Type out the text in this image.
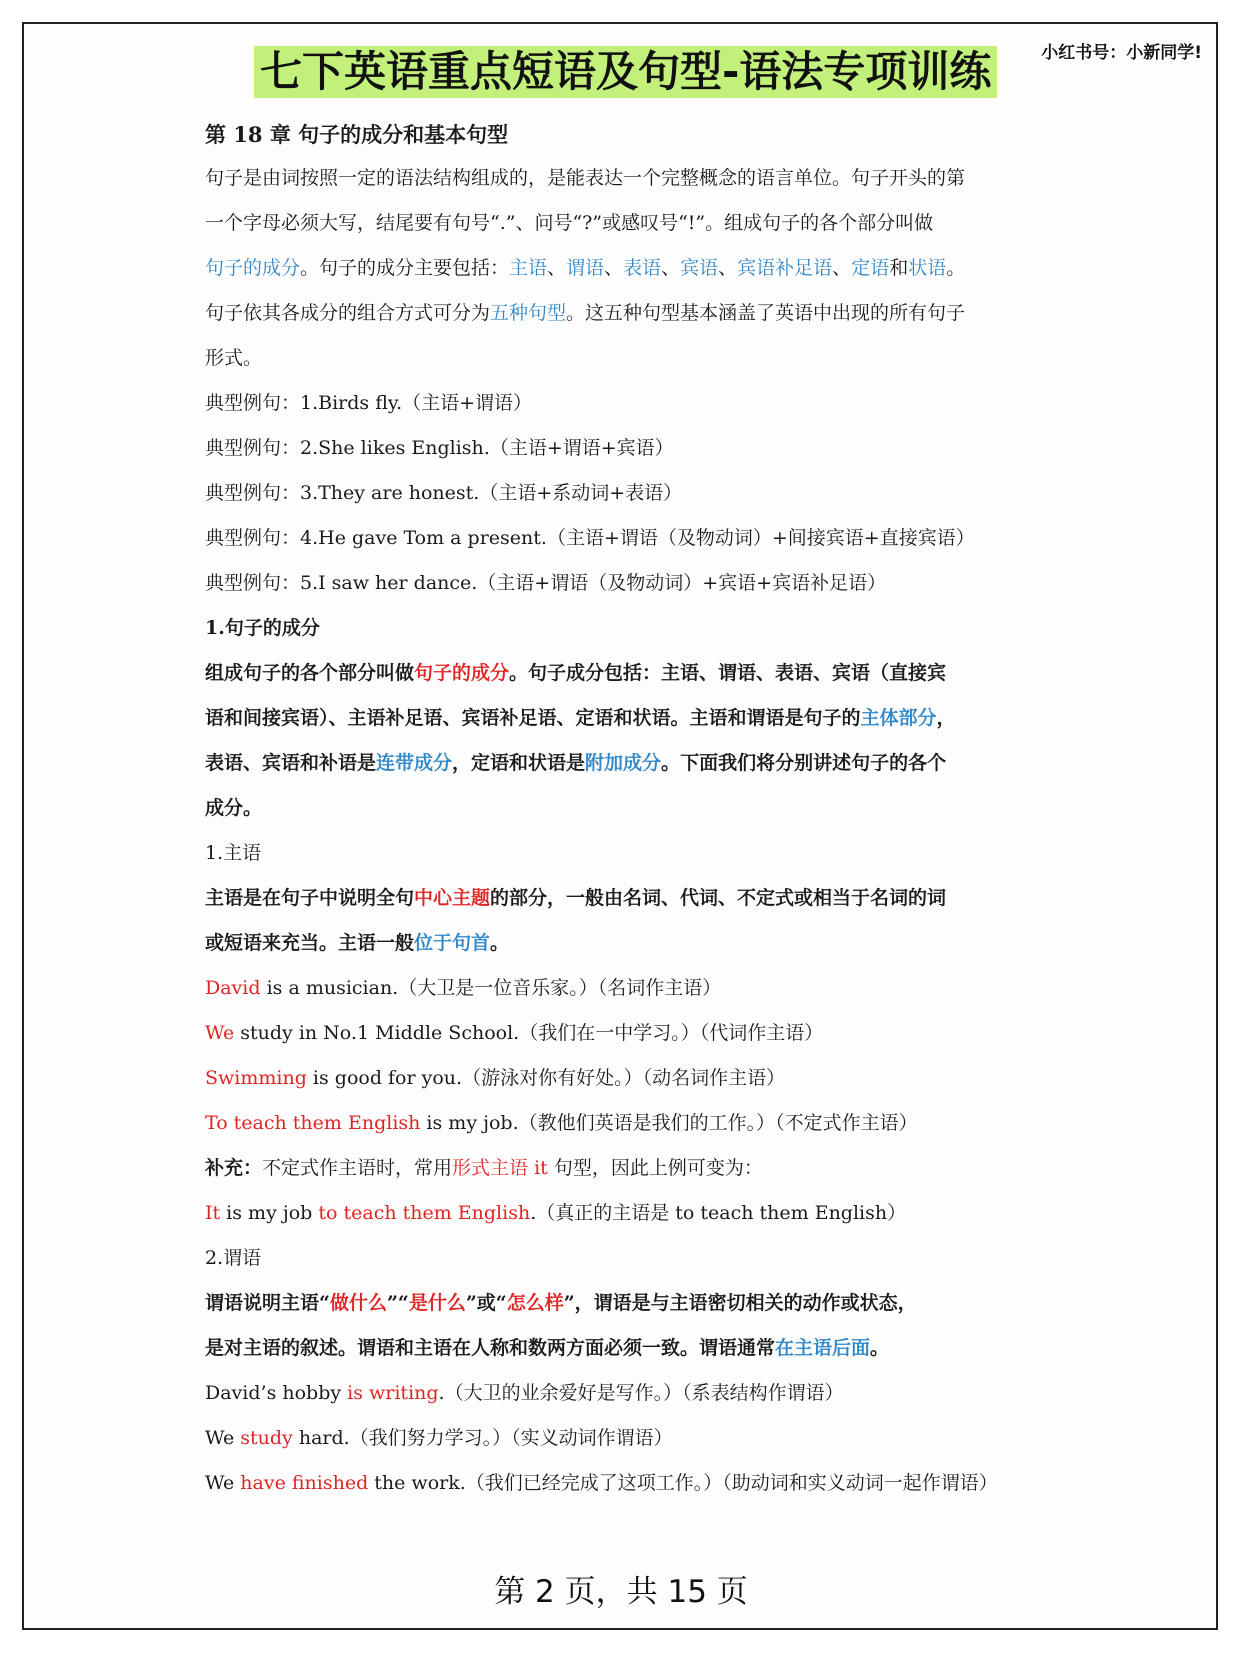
小红书号：小新同学!
七下英语重点短语及句型-语法专项训练
第 18 章 句子的成分和基本句型
句子是由词按照一定的语法结构组成的，是能表达一个完整概念的语言单位。句子开头的第
一个字母必须大写，结尾要有句号“.”、问号“?”或感叹号“!”。组成句子的各个部分叫做
句子的成分。句子的成分主要包括：主语、谓语、表语、宾语、宾语补足语、定语和状语。
句子依其各成分的组合方式可分为五种句型。这五种句型基本涵盖了英语中出现的所有句子
形式。
典型例句：1.Birds fly.（主语+谓语）
典型例句：2.She likes English.（主语+谓语+宾语）
典型例句：3.They are honest.（主语+系动词+表语）
典型例句：4.He gave Tom a present.（主语+谓语（及物动词）+间接宾语+直接宾语）
典型例句：5.I saw her dance.（主语+谓语（及物动词）+宾语+宾语补足语）
1.句子的成分
组成句子的各个部分叫做句子的成分。句子成分包括：主语、谓语、表语、宾语（直接宾
语和间接宾语）、主语补足语、宾语补足语、定语和状语。主语和谓语是句子的主体部分，
表语、宾语和补语是连带成分，定语和状语是附加成分。下面我们将分别讲述句子的各个
成分。
1.主语
主语是在句子中说明全句中心主题的部分，一般由名词、代词、不定式或相当于名词的词
或短语来充当。主语一般位于句首。
David is a musician.（大卫是一位音乐家。）（名词作主语）
We study in No.1 Middle School.（我们在一中学习。）（代词作主语）
Swimming is good for you.（游泳对你有好处。）（动名词作主语）
To teach them English is my job.（教他们英语是我们的工作。）（不定式作主语）
补充：不定式作主语时，常用形式主语 it 句型，因此上例可变为：
It is my job to teach them English.（真正的主语是 to teach them English）
2.谓语
谓语说明主语“做什么”“是什么”或“怎么样”，谓语是与主语密切相关的动作或状态，
是对主语的叙述。谓语和主语在人称和数两方面必须一致。谓语通常在主语后面。
David’s hobby is writing.（大卫的业余爱好是写作。）（系表结构作谓语）
We study hard.（我们努力学习。）（实义动词作谓语）
We have finished the work.（我们已经完成了这项工作。）（助动词和实义动词一起作谓语）
第 2 页，共 15 页
